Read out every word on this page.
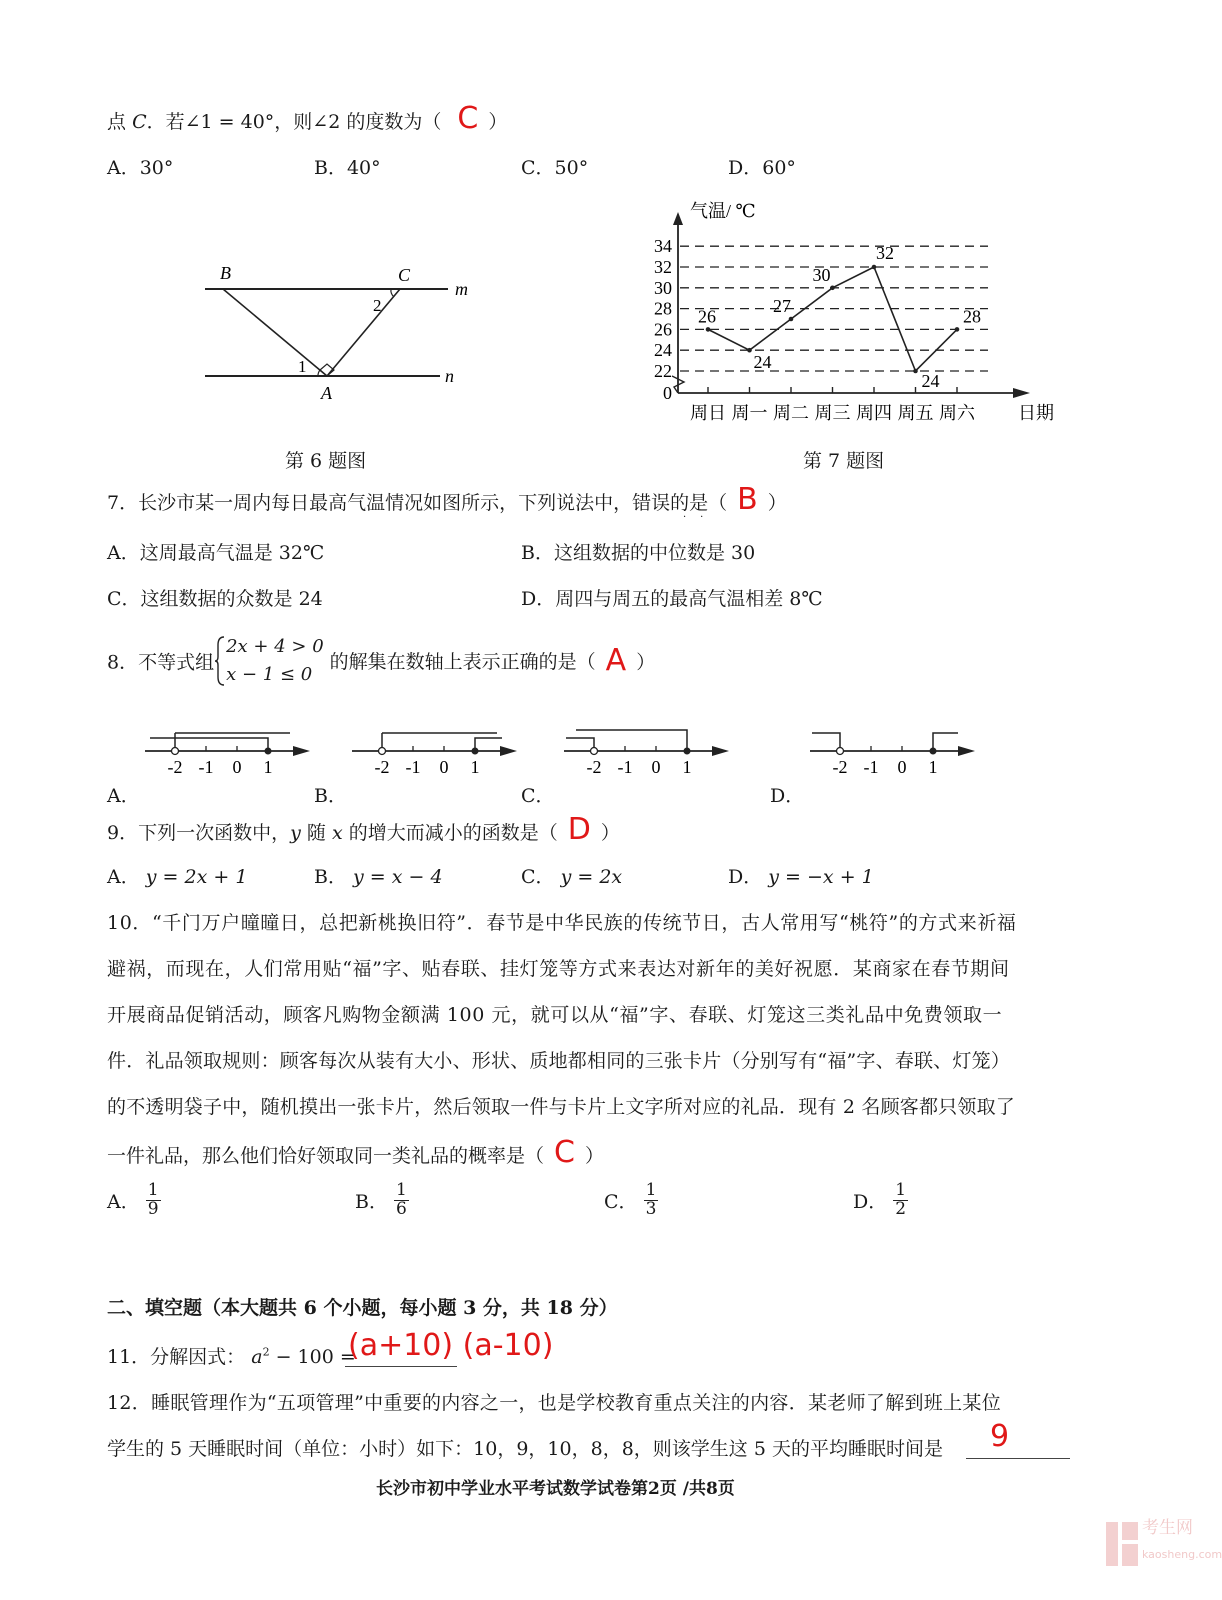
点 C．若∠1 = 40°，则∠2 的度数为（ C ）
A．30°	B．40°	C．50°	D．60°
B	C
A
m
n
1
2
第 6 题图
周日 周一 周二 周三 周四 周五 周六 日期
气温/ ℃
0
22
24
26
28
30
32
34
26
24
27
30
32
24
28
第 7 题图
7．长沙市某一周内每日最高气温情况如图所示，下列说法中，错误的是（ B ）
··
A．这周最高气温是 32℃	B．这组数据的中位数是 30
C．这组数据的众数是 24	D．周四与周五的最高气温相差 8℃
8．不等式组
2x + 4 > 0
x − 1 ≤ 0
的解集在数轴上表示正确的是（ A ）
-2 -1 0 1	-2 -1 0 1	-2 -1 0 1	-2 -1 0 1
A．	B．	C．	D．
9．下列一次函数中，y 随 x 的增大而减小的函数是（ D ）
A． y = 2x + 1	B． y = x − 4	C． y = 2x	D． y = −x + 1
10．“千门万户曈曈日，总把新桃换旧符”．春节是中华民族的传统节日，古人常用写“桃符”的方式来祈福
避祸，而现在，人们常用贴“福”字、贴春联、挂灯笼等方式来表达对新年的美好祝愿．某商家在春节期间
开展商品促销活动，顾客凡购物金额满 100 元，就可以从“福”字、春联、灯笼这三类礼品中免费领取一
件．礼品领取规则：顾客每次从装有大小、形状、质地都相同的三张卡片（分别写有“福”字、春联、灯笼）
的不透明袋子中，随机摸出一张卡片，然后领取一件与卡片上文字所对应的礼品．现有 2 名顾客都只领取了
一件礼品，那么他们恰好领取同一类礼品的概率是（ C ）
A． $\frac{1}{9}$	B． $\frac{1}{6}$	C． $\frac{1}{3}$	D． $\frac{1}{2}$
二、填空题（本大题共 6 个小题，每小题 3 分，共 18 分）
11．分解因式： $a^2 - 100$ =
(a+10) (a-10)
12．睡眠管理作为“五项管理”中重要的内容之一，也是学校教育重点关注的内容．某老师了解到班上某位
学生的 5 天睡眠时间（单位：小时）如下：10，9，10，8，8，则该学生这 5 天的平均睡眠时间是 9
长沙市初中学业水平考试数学试卷第2页 /共8页
考生网
kaosheng.com
